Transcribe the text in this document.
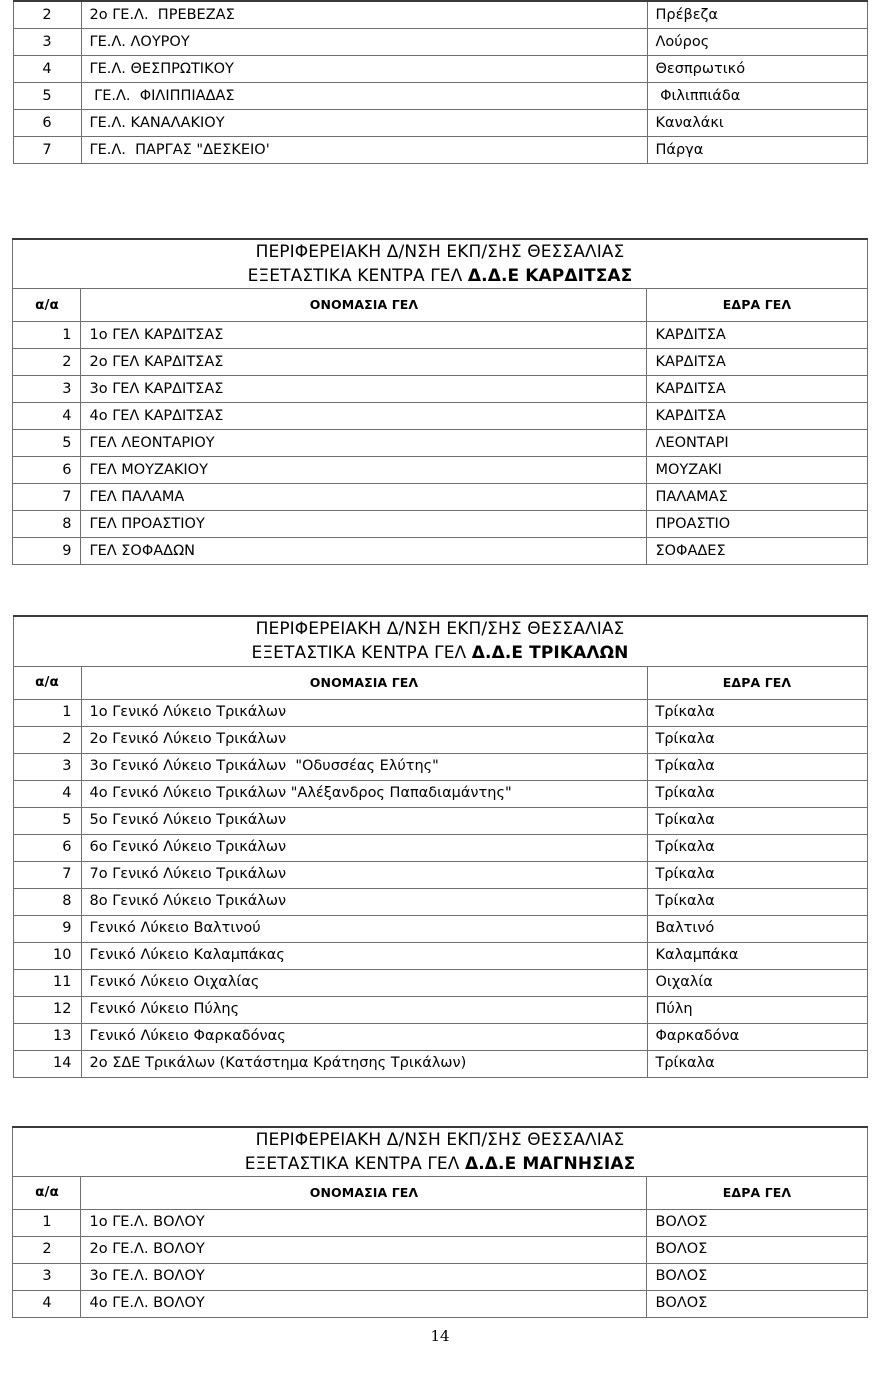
2	2ο ΓΕ.Λ.  ΠΡΕΒΕΖΑΣ	Πρέβεζα
3	ΓΕ.Λ. ΛΟΥΡΟΥ	Λούρος
4	ΓΕ.Λ. ΘΕΣΠΡΩΤΙΚΟΥ	Θεσπρωτικό
5	ΓΕ.Λ.  ΦΙΛΙΠΠΙΑΔΑΣ	Φιλιππιάδα
6	ΓΕ.Λ. ΚΑΝΑΛΑΚΙΟΥ	Καναλάκι
7	ΓΕ.Λ.  ΠΑΡΓΑΣ "ΔΕΣΚΕΙΟ'	Πάργα
ΠΕΡΙΦΕΡΕΙΑΚΗ Δ/ΝΣΗ ΕΚΠ/ΣΗΣ ΘΕΣΣΑΛΙΑΣ
ΕΞΕΤΑΣΤΙΚΑ ΚΕΝΤΡΑ ΓΕΛ Δ.Δ.Ε ΚΑΡΔΙΤΣΑΣ		

α/α	ΟΝΟΜΑΣΙΑ ΓΕΛ	ΕΔΡΑ ΓΕΛ
1	1ο ΓΕΛ ΚΑΡΔΙΤΣΑΣ	ΚΑΡΔΙΤΣΑ
2	2ο ΓΕΛ ΚΑΡΔΙΤΣΑΣ	ΚΑΡΔΙΤΣΑ
3	3ο ΓΕΛ ΚΑΡΔΙΤΣΑΣ	ΚΑΡΔΙΤΣΑ
4	4ο ΓΕΛ ΚΑΡΔΙΤΣΑΣ	ΚΑΡΔΙΤΣΑ
5	ΓΕΛ ΛΕΟΝΤΑΡΙΟΥ	ΛΕΟΝΤΑΡΙ
6	ΓΕΛ ΜΟΥΖΑΚΙΟΥ	ΜΟΥΖΑΚΙ
7	ΓΕΛ ΠΑΛΑΜΑ	ΠΑΛΑΜΑΣ
8	ΓΕΛ ΠΡΟΑΣΤΙΟΥ	ΠΡΟΑΣΤΙΟ
9	ΓΕΛ ΣΟΦΑΔΩΝ	ΣΟΦΑΔΕΣ
ΠΕΡΙΦΕΡΕΙΑΚΗ Δ/ΝΣΗ ΕΚΠ/ΣΗΣ ΘΕΣΣΑΛΙΑΣ
ΕΞΕΤΑΣΤΙΚΑ ΚΕΝΤΡΑ ΓΕΛ Δ.Δ.Ε ΤΡΙΚΑΛΩΝ		

α/α	ΟΝΟΜΑΣΙΑ ΓΕΛ	ΕΔΡΑ ΓΕΛ
1	1ο Γενικό Λύκειο Τρικάλων	Τρίκαλα
2	2ο Γενικό Λύκειο Τρικάλων	Τρίκαλα
3	3ο Γενικό Λύκειο Τρικάλων  "Οδυσσέας Ελύτης"	Τρίκαλα
4	4ο Γενικό Λύκειο Τρικάλων "Αλέξανδρος Παπαδιαμάντης"	Τρίκαλα
5	5ο Γενικό Λύκειο Τρικάλων	Τρίκαλα
6	6ο Γενικό Λύκειο Τρικάλων	Τρίκαλα
7	7ο Γενικό Λύκειο Τρικάλων	Τρίκαλα
8	8ο Γενικό Λύκειο Τρικάλων	Τρίκαλα
9	Γενικό Λύκειο Βαλτινού	Βαλτινό
10	Γενικό Λύκειο Καλαμπάκας	Καλαμπάκα
11	Γενικό Λύκειο Οιχαλίας	Οιχαλία
12	Γενικό Λύκειο Πύλης	Πύλη
13	Γενικό Λύκειο Φαρκαδόνας	Φαρκαδόνα
14	2ο ΣΔΕ Τρικάλων (Κατάστημα Κράτησης Τρικάλων)	Τρίκαλα
ΠΕΡΙΦΕΡΕΙΑΚΗ Δ/ΝΣΗ ΕΚΠ/ΣΗΣ ΘΕΣΣΑΛΙΑΣ
ΕΞΕΤΑΣΤΙΚΑ ΚΕΝΤΡΑ ΓΕΛ Δ.Δ.Ε ΜΑΓΝΗΣΙΑΣ		

α/α	ΟΝΟΜΑΣΙΑ ΓΕΛ	ΕΔΡΑ ΓΕΛ
1	1ο ΓΕ.Λ. ΒΟΛΟΥ	ΒΟΛΟΣ
2	2ο ΓΕ.Λ. ΒΟΛΟΥ	ΒΟΛΟΣ
3	3ο ΓΕ.Λ. ΒΟΛΟΥ	ΒΟΛΟΣ
4	4ο ΓΕ.Λ. ΒΟΛΟΥ	ΒΟΛΟΣ
14
